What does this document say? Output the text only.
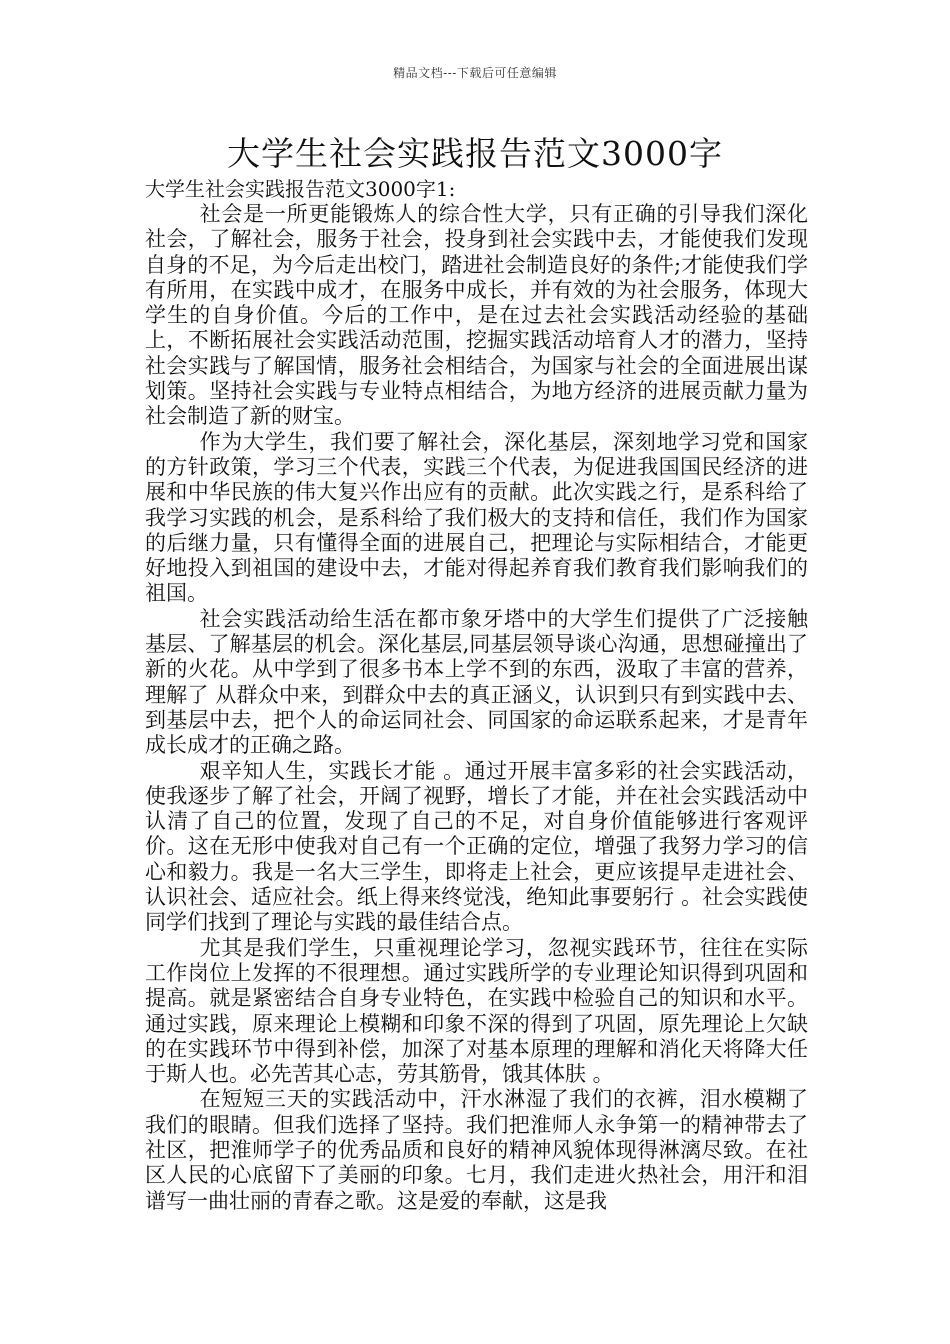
精品文档---下载后可任意编辑
大学生社会实践报告范文3000字

大学生社会实践报告范文3000字1:

社会是一所更能锻炼人的综合性大学，只有正确的引导我们深化社会，了解社会，服务于社会，投身到社会实践中去，才能使我们发现自身的不足，为今后走出校门，踏进社会制造良好的条件;才能使我们学有所用，在实践中成才，在服务中成长，并有效的为社会服务，体现大学生的自身价值。今后的工作中，是在过去社会实践活动经验的基础上，不断拓展社会实践活动范围，挖掘实践活动培育人才的潜力，坚持社会实践与了解国情，服务社会相结合，为国家与社会的全面进展出谋划策。坚持社会实践与专业特点相结合，为地方经济的进展贡献力量为社会制造了新的财宝。

作为大学生，我们要了解社会，深化基层，深刻地学习党和国家的方针政策，学习三个代表，实践三个代表，为促进我国国民经济的进展和中华民族的伟大复兴作出应有的贡献。此次实践之行，是系科给了我学习实践的机会，是系科给了我们极大的支持和信任，我们作为国家的后继力量，只有懂得全面的进展自己，把理论与实际相结合，才能更好地投入到祖国的建设中去，才能对得起养育我们教育我们影响我们的祖国。

社会实践活动给生活在都市象牙塔中的大学生们提供了广泛接触基层、了解基层的机会。深化基层,同基层领导谈心沟通，思想碰撞出了新的火花。从中学到了很多书本上学不到的东西，汲取了丰富的营养，理解了 从群众中来，到群众中去的真正涵义，认识到只有到实践中去、到基层中去，把个人的命运同社会、同国家的命运联系起来，才是青年成长成才的正确之路。

艰辛知人生，实践长才能 。通过开展丰富多彩的社会实践活动，使我逐步了解了社会，开阔了视野，增长了才能，并在社会实践活动中认清了自己的位置，发现了自己的不足，对自身价值能够进行客观评价。这在无形中使我对自己有一个正确的定位，增强了我努力学习的信心和毅力。我是一名大三学生，即将走上社会，更应该提早走进社会、认识社会、适应社会。纸上得来终觉浅，绝知此事要躬行 。社会实践使同学们找到了理论与实践的最佳结合点。

尤其是我们学生，只重视理论学习，忽视实践环节，往往在实际工作岗位上发挥的不很理想。通过实践所学的专业理论知识得到巩固和提高。就是紧密结合自身专业特色，在实践中检验自己的知识和水平。通过实践，原来理论上模糊和印象不深的得到了巩固，原先理论上欠缺的在实践环节中得到补偿，加深了对基本原理的理解和消化天将降大任于斯人也。必先苦其心志，劳其筋骨，饿其体肤 。

在短短三天的实践活动中，汗水淋湿了我们的衣裤，泪水模糊了我们的眼睛。但我们选择了坚持。我们把淮师人永争第一的精神带去了社区，把淮师学子的优秀品质和良好的精神风貌体现得淋漓尽致。在社区人民的心底留下了美丽的印象。七月，我们走进火热社会，用汗和泪谱写一曲壮丽的青春之歌。这是爱的奉献，这是我
